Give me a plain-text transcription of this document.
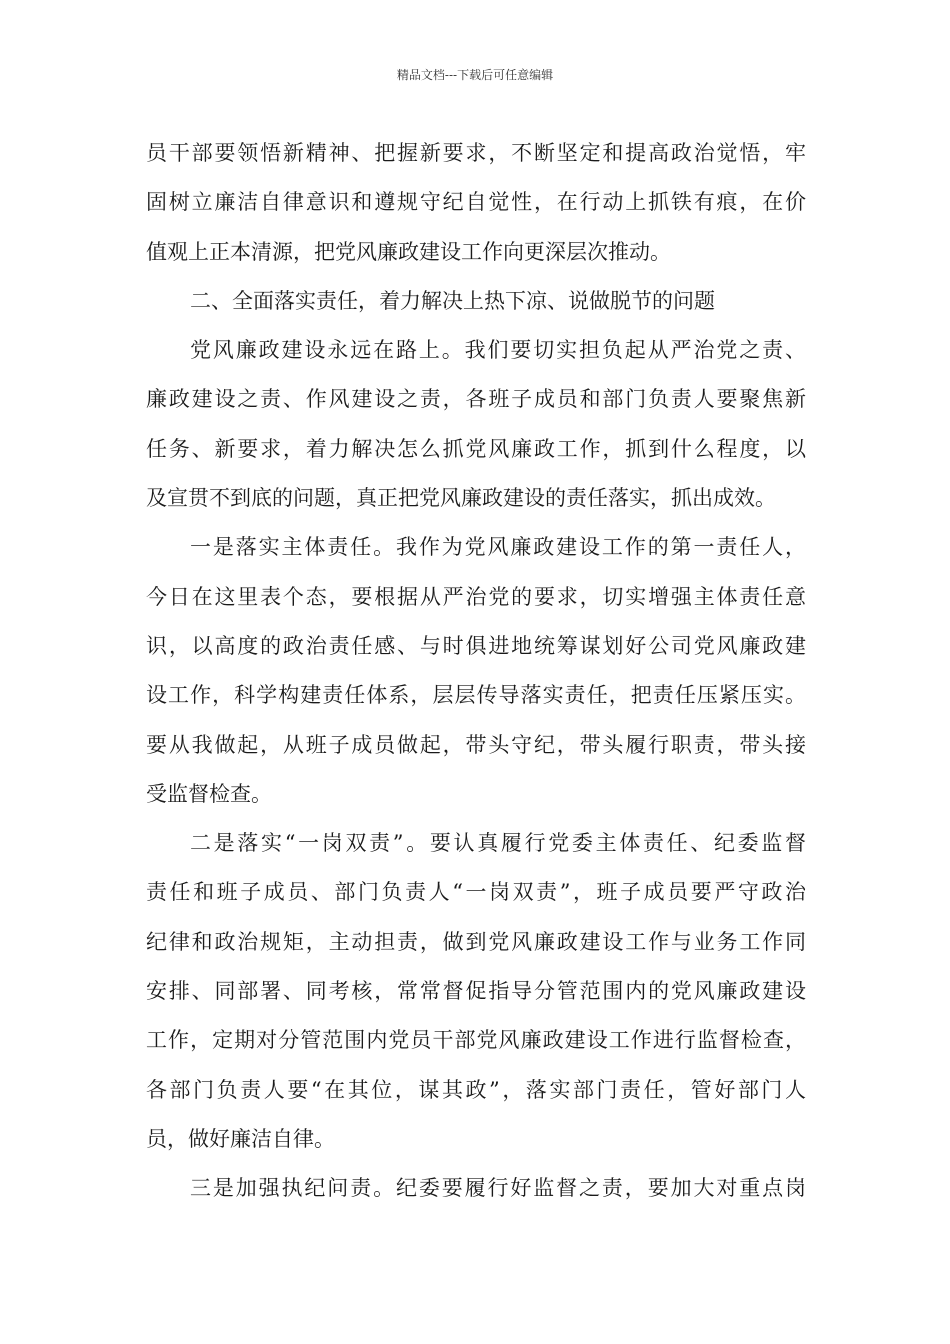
精品文档---下载后可任意编辑
员干部要领悟新精神、把握新要求，不断坚定和提高政治觉悟，牢
固树立廉洁自律意识和遵规守纪自觉性，在行动上抓铁有痕，在价
值观上正本清源，把党风廉政建设工作向更深层次推动。
二、全面落实责任，着力解决上热下凉、说做脱节的问题
党风廉政建设永远在路上。我们要切实担负起从严治党之责、
廉政建设之责、作风建设之责，各班子成员和部门负责人要聚焦新
任务、新要求，着力解决怎么抓党风廉政工作，抓到什么程度，以
及宣贯不到底的问题，真正把党风廉政建设的责任落实，抓出成效。
一是落实主体责任。我作为党风廉政建设工作的第一责任人，
今日在这里表个态，要根据从严治党的要求，切实增强主体责任意
识，以高度的政治责任感、与时俱进地统筹谋划好公司党风廉政建
设工作，科学构建责任体系，层层传导落实责任，把责任压紧压实。
要从我做起，从班子成员做起，带头守纪，带头履行职责，带头接
受监督检查。
二是落实“一岗双责”。要认真履行党委主体责任、纪委监督
责任和班子成员、部门负责人“一岗双责”，班子成员要严守政治
纪律和政治规矩，主动担责，做到党风廉政建设工作与业务工作同
安排、同部署、同考核，常常督促指导分管范围内的党风廉政建设
工作，定期对分管范围内党员干部党风廉政建设工作进行监督检查，
各部门负责人要“在其位，谋其政”，落实部门责任，管好部门人
员，做好廉洁自律。
三是加强执纪问责。纪委要履行好监督之责，要加大对重点岗
